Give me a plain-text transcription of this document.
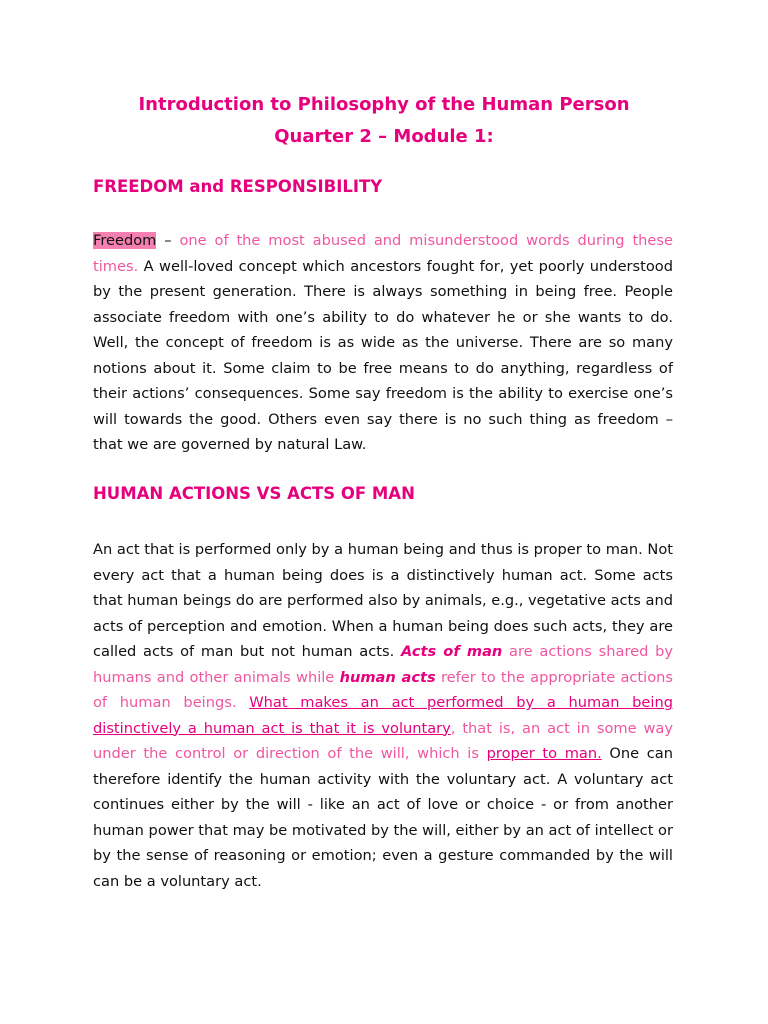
Introduction to Philosophy of the Human Person
Quarter 2 – Module 1:
FREEDOM and RESPONSIBILITY

Freedom – one of the most abused and misunderstood words during these times. A well-loved concept which ancestors fought for, yet poorly understood by the present generation. There is always something in being free. People associate freedom with one’s ability to do whatever he or she wants to do. Well, the concept of freedom is as wide as the universe. There are so many notions about it. Some claim to be free means to do anything, regardless of their actions’ consequences. Some say freedom is the ability to exercise one’s will towards the good. Others even say there is no such thing as freedom – that we are governed by natural Law.

HUMAN ACTIONS VS ACTS OF MAN

An act that is performed only by a human being and thus is proper to man. Not every act that a human being does is a distinctively human act. Some acts that human beings do are performed also by animals, e.g., vegetative acts and acts of perception and emotion. When a human being does such acts, they are called acts of man but not human acts. Acts of man are actions shared by humans and other animals while human acts refer to the appropriate actions of human beings. What makes an act performed by a human being distinctively a human act is that it is voluntary, that is, an act in some way under the control or direction of the will, which is proper to man. One can therefore identify the human activity with the voluntary act. A voluntary act continues either by the will - like an act of love or choice - or from another human power that may be motivated by the will, either by an act of intellect or by the sense of reasoning or emotion; even a gesture commanded by the will can be a voluntary act.
